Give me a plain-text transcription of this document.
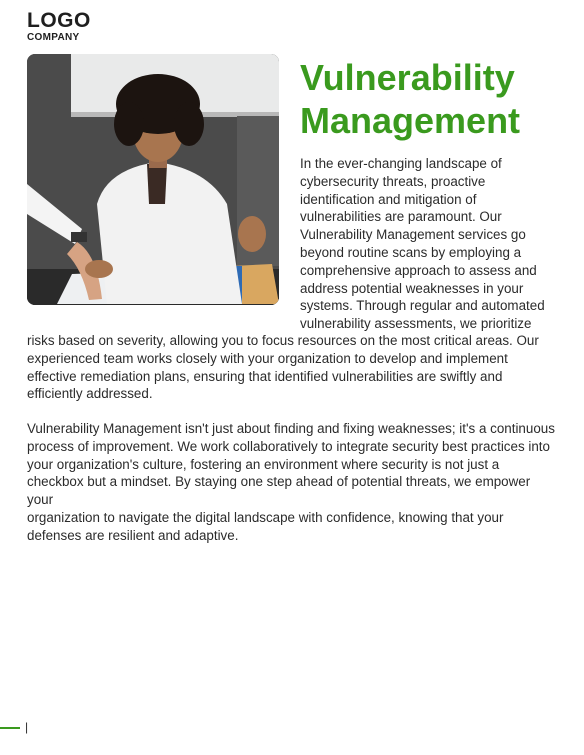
LOGO
COMPANY
Vulnerability
Management
In the ever-changing landscape of
cybersecurity threats, proactive
identification and mitigation of
vulnerabilities are paramount. Our
Vulnerability Management services go
beyond routine scans by employing a
comprehensive approach to assess and
address potential weaknesses in your
systems. Through regular and automated
vulnerability assessments, we prioritize
risks based on severity, allowing you to focus resources on the most critical areas. Our
experienced team works closely with your organization to develop and implement
effective remediation plans, ensuring that identified vulnerabilities are swiftly and
efficiently addressed.
Vulnerability Management isn't just about finding and fixing weaknesses; it's a continuous
process of improvement. We work collaboratively to integrate security best practices into
your organization's culture, fostering an environment where security is not just a
checkbox but a mindset. By staying one step ahead of potential threats, we empower your
organization to navigate the digital landscape with confidence, knowing that your
defenses are resilient and adaptive.
|
